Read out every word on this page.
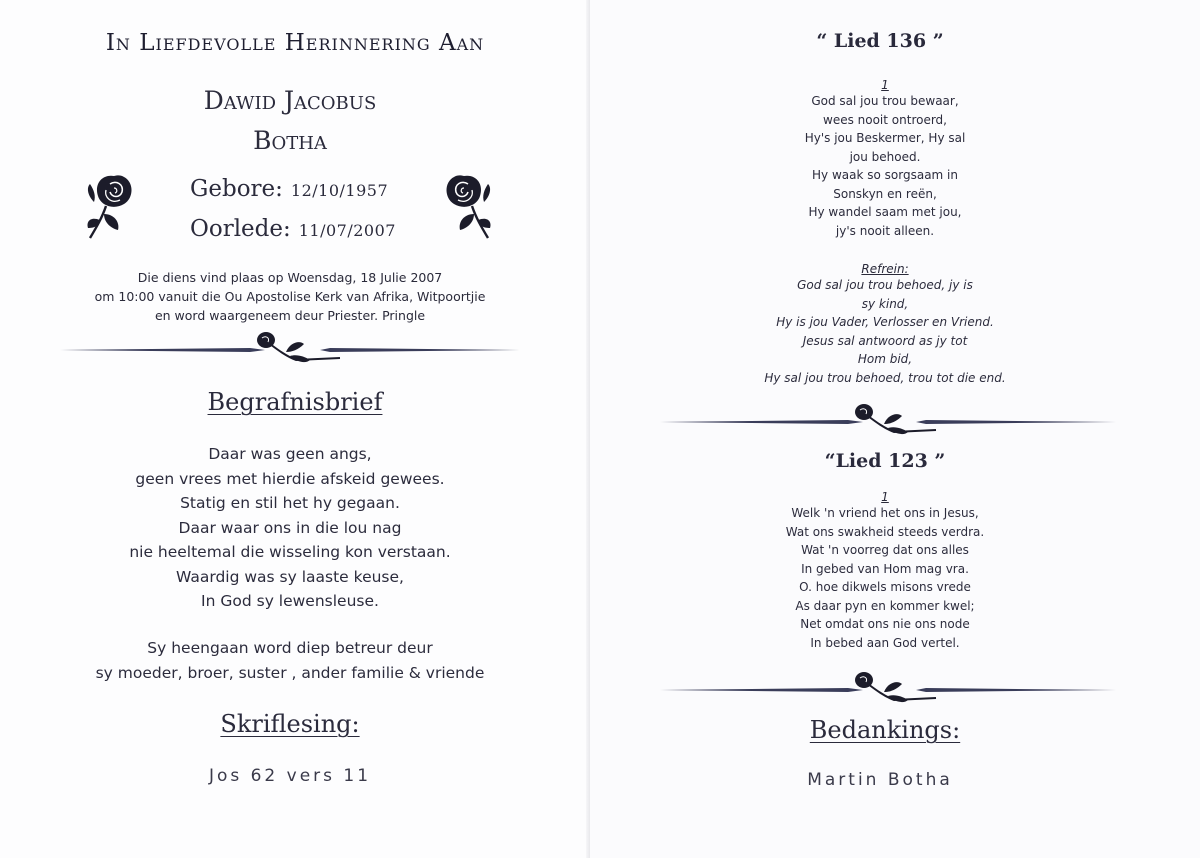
In Liefdevolle Herinnering Aan
Dawid Jacobus
Botha
Gebore: 12/10/1957
Oorlede: 11/07/2007
Die diens vind plaas op Woensdag, 18 Julie 2007
om 10:00 vanuit die Ou Apostolise Kerk van Afrika, Witpoortjie
en word waargeneem deur Priester. Pringle
Begrafnisbrief
Daar was geen angs,
geen vrees met hierdie afskeid gewees.
Statig en stil het hy gegaan.
Daar waar ons in die lou nag
nie heeltemal die wisseling kon verstaan.
Waardig was sy laaste keuse,
In God sy lewensleuse.
Sy heengaan word diep betreur deur
sy moeder, broer, suster , ander familie & vriende
Skriflesing:
Jos 62 vers 11
“ Lied 136 ”
1
God sal jou trou bewaar,
wees nooit ontroerd,
Hy's jou Beskermer, Hy sal
jou behoed.
Hy waak so sorgsaam in
Sonskyn en reën,
Hy wandel saam met jou,
jy's nooit alleen.
Refrein:
God sal jou trou behoed, jy is
sy kind,
Hy is jou Vader, Verlosser en Vriend.
Jesus sal antwoord as jy tot
Hom bid,
Hy sal jou trou behoed, trou tot die end.
“Lied 123 ”
1
Welk 'n vriend het ons in Jesus,
Wat ons swakheid steeds verdra.
Wat 'n voorreg dat ons alles
In gebed van Hom mag vra.
O. hoe dikwels misons vrede
As daar pyn en kommer kwel;
Net omdat ons nie ons node
In bebed aan God vertel.
Bedankings:
Martin Botha
